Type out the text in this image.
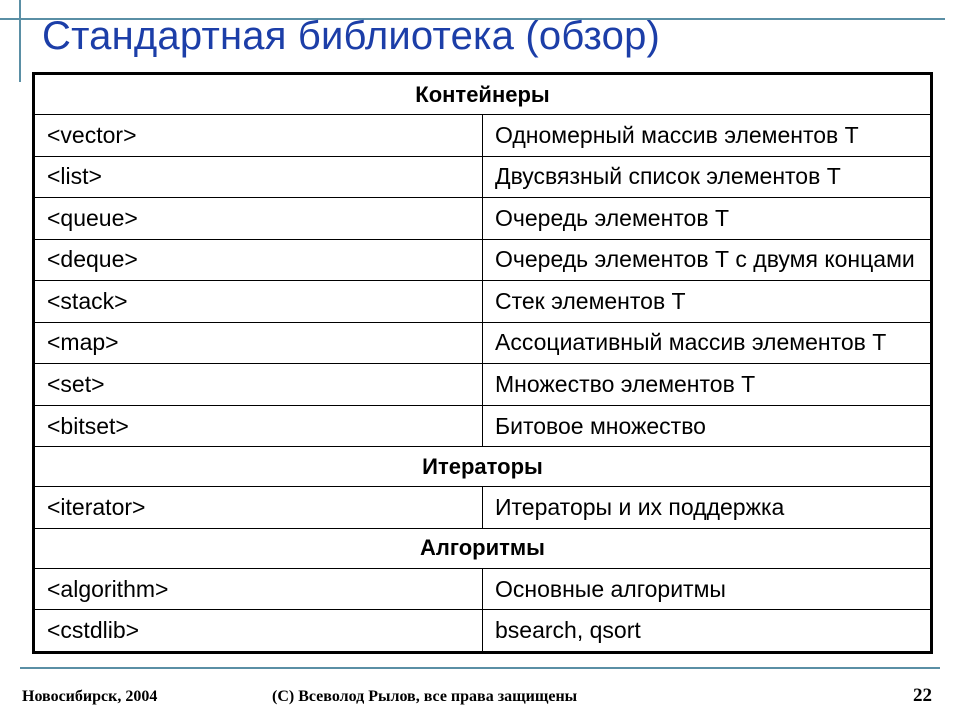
Стандартная библиотека (обзор)
Контейнеры	
<vector>	Одномерный массив элементов Т
<list>	Двусвязный список элементов Т
<queue>	Очередь элементов Т
<deque>	Очередь элементов Т с двумя концами
<stack>	Стек элементов Т
<map>	Ассоциативный массив элементов Т
<set>	Множество элементов Т
<bitset>	Битовое множество
Итераторы	
<iterator>	Итераторы и их поддержка
Алгоритмы	
<algorithm>	Основные алгоритмы
<cstdlib>	bsearch, qsort
Новосибирск, 2004	(С) Всеволод Рылов, все права защищены	22
